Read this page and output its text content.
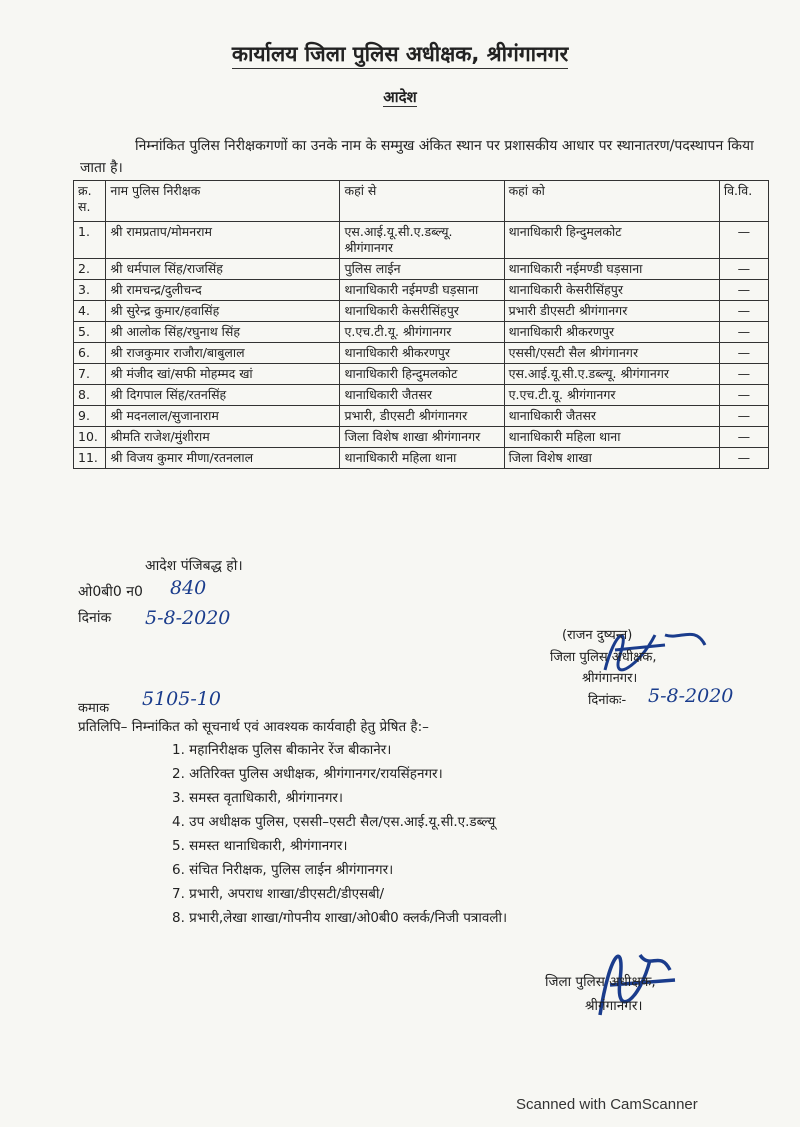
कार्यालय जिला पुलिस अधीक्षक, श्रीगंगानगर
आदेश
निम्नांकित पुलिस निरीक्षकगणों का उनके नाम के सम्मुख अंकित स्थान पर प्रशासकीय आधार पर स्थानातरण/पदस्थापन किया जाता है।
क्र. स.	नाम पुलिस निरीक्षक	कहां से	कहां को	वि.वि.
1.	श्री रामप्रताप/मोमनराम	एस.आई.यू.सी.ए.डब्ल्यू. श्रीगंगानगर	थानाधिकारी हिन्दुमलकोट	—
2.	श्री धर्मपाल सिंह/राजसिंह	पुलिस लाईन	थानाधिकारी नईमण्डी घड़साना	—
3.	श्री रामचन्द्र/दुलीचन्द	थानाधिकारी नईमण्डी घड़साना	थानाधिकारी केसरीसिंहपुर	—
4.	श्री सुरेन्द्र कुमार/हवासिंह	थानाधिकारी केसरीसिंहपुर	प्रभारी डीएसटी श्रीगंगानगर	—
5.	श्री आलोक सिंह/रघुनाथ सिंह	ए.एच.टी.यू. श्रीगंगानगर	थानाधिकारी श्रीकरणपुर	—
6.	श्री राजकुमार राजौरा/बाबुलाल	थानाधिकारी श्रीकरणपुर	एससी/एसटी सैल श्रीगंगानगर	—
7.	श्री मंजीद खां/सफी मोहम्मद खां	थानाधिकारी हिन्दुमलकोट	एस.आई.यू.सी.ए.डब्ल्यू. श्रीगंगानगर	—
8.	श्री दिगपाल सिंह/रतनसिंह	थानाधिकारी जैतसर	ए.एच.टी.यू. श्रीगंगानगर	—
9.	श्री मदनलाल/सुजानाराम	प्रभारी, डीएसटी श्रीगंगानगर	थानाधिकारी जैतसर	—
10.	श्रीमति राजेश/मुंशीराम	जिला विशेष शाखा श्रीगंगानगर	थानाधिकारी महिला थाना	—
11.	श्री विजय कुमार मीणा/रतनलाल	थानाधिकारी महिला थाना	जिला विशेष शाखा	—
आदेश पंजिबद्ध हो।
ओ0बी0 न0 840
दिनांक 5-8-2020
(राजन दुष्यन्त)
जिला पुलिस अधीक्षक,
श्रीगंगानगर।
दिनांकः- 5-8-2020
कमाक 5105-10
प्रतिलिपि– निम्नांकित को सूचनार्थ एवं आवश्यक कार्यवाही हेतु प्रेषित है:–
1. महानिरीक्षक पुलिस बीकानेर रेंज बीकानेर।
2. अतिरिक्त पुलिस अधीक्षक, श्रीगंगानगर/रायसिंहनगर।
3. समस्त वृताधिकारी, श्रीगंगानगर।
4. उप अधीक्षक पुलिस, एससी–एसटी सैल/एस.आई.यू.सी.ए.डब्ल्यू
5. समस्त थानाधिकारी, श्रीगंगानगर।
6. संचित निरीक्षक, पुलिस लाईन श्रीगंगानगर।
7. प्रभारी, अपराध शाखा/डीएसटी/डीएसबी/
8. प्रभारी,लेखा शाखा/गोपनीय शाखा/ओ0बी0 क्लर्क/निजी पत्रावली।
जिला पुलिस अधीक्षक,
श्रीगंगानगर।
Scanned with CamScanner
